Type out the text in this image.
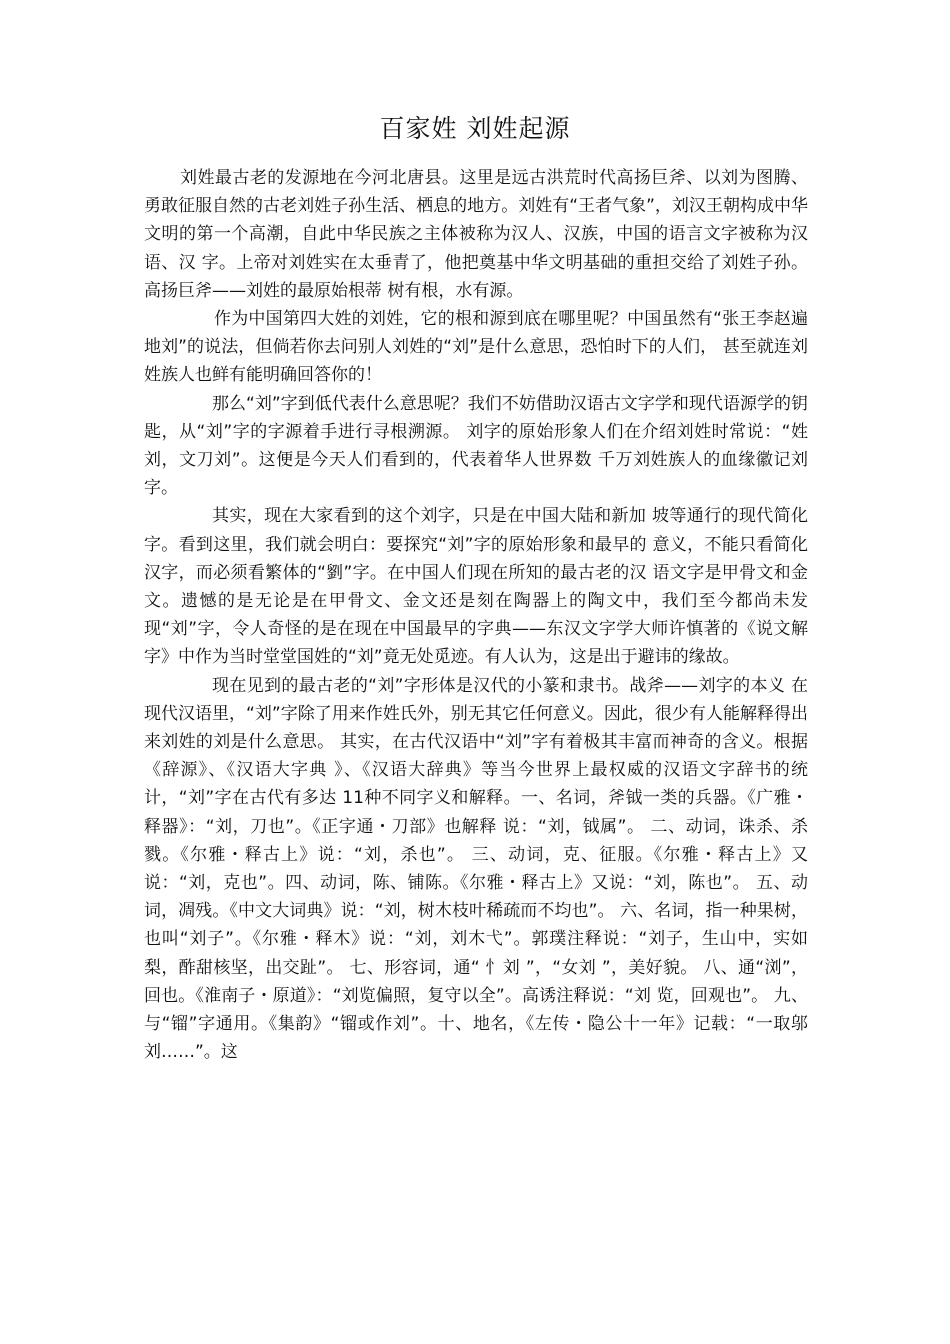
百家姓 刘姓起源

刘姓最古老的发源地在今河北唐县。这里是远古洪荒时代高扬巨斧、以刘为图腾、勇敢征服自然的古老刘姓子孙生活、栖息的地方。刘姓有“王者气象”，刘汉王朝构成中华文明的第一个高潮，自此中华民族之主体被称为汉人、汉族，中国的语言文字被称为汉语、汉 字。上帝对刘姓实在太垂青了，他把奠基中华文明基础的重担交给了刘姓子孙。 高扬巨斧——刘姓的最原始根蒂 树有根，水有源。

作为中国第四大姓的刘姓，它的根和源到底在哪里呢？中国虽然有“张王李赵遍地刘”的说法，但倘若你去问别人刘姓的“刘”是什么意思，恐怕时下的人们， 甚至就连刘姓族人也鲜有能明确回答你的！

那么“刘”字到低代表什么意思呢？我们不妨借助汉语古文字学和现代语源学的钥匙，从“刘”字的字源着手进行寻根溯源。 刘字的原始形象人们在介绍刘姓时常说：“姓刘，文刀刘”。这便是今天人们看到的，代表着华人世界数 千万刘姓族人的血缘徽记刘字。

其实，现在大家看到的这个刘字，只是在中国大陆和新加 坡等通行的现代简化字。看到这里，我们就会明白：要探究“刘”字的原始形象和最早的 意义，不能只看简化汉字，而必须看繁体的“劉”字。在中国人们现在所知的最古老的汉 语文字是甲骨文和金文。遗憾的是无论是在甲骨文、金文还是刻在陶器上的陶文中，我们至今都尚未发现“刘”字，令人奇怪的是在现在中国最早的字典——东汉文字学大师许慎著的《说文解字》中作为当时堂堂国姓的“刘”竟无处觅迹。有人认为，这是出于避讳的缘故。

现在见到的最古老的“刘”字形体是汉代的小篆和隶书。战斧——刘字的本义 在现代汉语里，“刘”字除了用来作姓氏外，别无其它任何意义。因此，很少有人能解释得出来刘姓的刘是什么意思。 其实，在古代汉语中“刘”字有着极其丰富而神奇的含义。根据《辞源》、《汉语大字典 》、《汉语大辞典》等当今世界上最权威的汉语文字辞书的统计，“刘”字在古代有多达 11种不同字义和解释。一、名词，斧钺一类的兵器。《广雅・释器》：“刘，刀也”。《正字通・刀部》也解释 说：“刘，钺属”。 二、动词，诛杀、杀戮。《尔雅・释古上》说：“刘，杀也”。 三、动词，克、征服。《尔雅・释古上》又说：“刘，克也”。四、动词，陈、铺陈。《尔雅・释古上》又说：“刘，陈也”。 五、动词，凋残。《中文大词典》说：“刘，树木枝叶稀疏而不均也”。 六、名词，指一种果树，也叫“刘子”。《尔雅・释木》说：“刘，刘木弋”。郭璞注释说：“刘子，生山中，实如梨，酢甜核坚，出交趾”。 七、形容词，通“ 忄刘 ”，“女刘 ”，美好貌。 八、通“浏”，回也。《淮南子・原道》：“刘览偏照，复守以全”。高诱注释说：“刘 览，回观也”。 九、与“镏”字通用。《集韵》“镏或作刘”。十、地名，《左传・隐公十一年》记载：“一取邬刘……”。这
